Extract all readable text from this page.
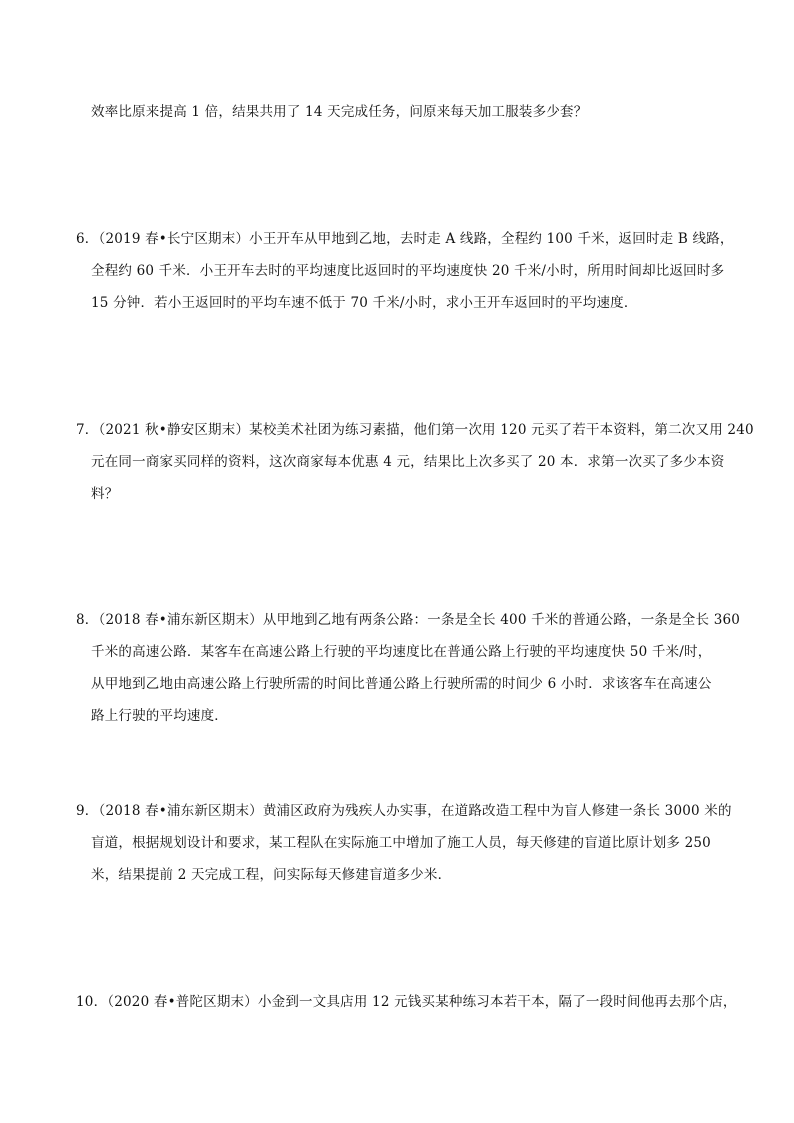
效率比原来提高 1 倍，结果共用了 14 天完成任务，问原来每天加工服装多少套？
6．（2019 春•长宁区期末）小王开车从甲地到乙地，去时走 A 线路，全程约 100 千米，返回时走 B 线路，
全程约 60 千米．小王开车去时的平均速度比返回时的平均速度快 20 千米/小时，所用时间却比返回时多
15 分钟．若小王返回时的平均车速不低于 70 千米/小时，求小王开车返回时的平均速度．
7．（2021 秋•静安区期末）某校美术社团为练习素描，他们第一次用 120 元买了若干本资料，第二次又用 240
元在同一商家买同样的资料，这次商家每本优惠 4 元，结果比上次多买了 20 本．求第一次买了多少本资
料？
8．（2018 春•浦东新区期末）从甲地到乙地有两条公路：一条是全长 400 千米的普通公路，一条是全长 360
千米的高速公路．某客车在高速公路上行驶的平均速度比在普通公路上行驶的平均速度快 50 千米/时，
从甲地到乙地由高速公路上行驶所需的时间比普通公路上行驶所需的时间少 6 小时．求该客车在高速公
路上行驶的平均速度．
9．（2018 春•浦东新区期末）黄浦区政府为残疾人办实事，在道路改造工程中为盲人修建一条长 3000 米的
盲道，根据规划设计和要求，某工程队在实际施工中增加了施工人员，每天修建的盲道比原计划多 250
米，结果提前 2 天完成工程，问实际每天修建盲道多少米．
10．（2020 春•普陀区期末）小金到一文具店用 12 元钱买某种练习本若干本，隔了一段时间他再去那个店，
